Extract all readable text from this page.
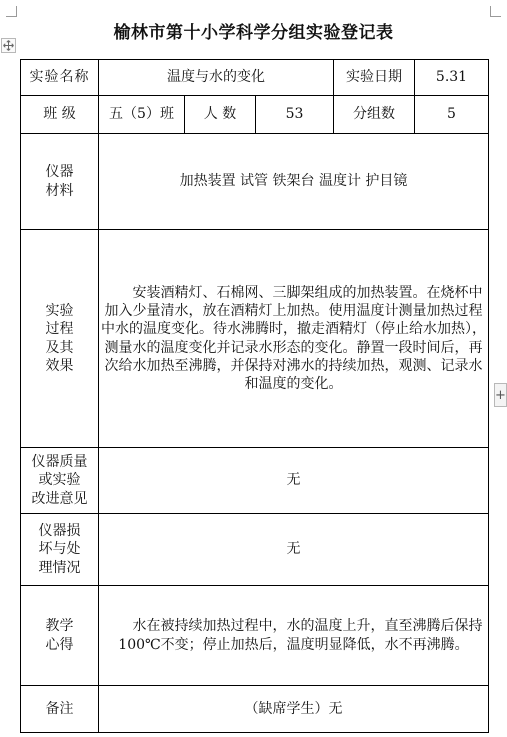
+
榆林市第十小学科学分组实验登记表
实验名称	温度与水的变化			实验日期	5.31
班 级	五（5）班	人 数	53	分组数	5

仪器
材料	加热装置 试管 铁架台 温度计 护目镜				

实验
过程
及其
效果	安装酒精灯、石棉网、三脚架组成的加热装置。在烧杯中加入少量清水，放在酒精灯上加热。使用温度计测量加热过程中水的温度变化。待水沸腾时，撤走酒精灯（停止给水加热），测量水的温度变化并记录水形态的变化。静置一段时间后，再次给水加热至沸腾，并保持对沸水的持续加热，观测、记录水和温度的变化。				

仪器质量
或实验
改进意见	无				

仪器损
坏与处
理情况	无				

教学
心得	水在被持续加热过程中，水的温度上升，直至沸腾后保持100℃不变；停止加热后，温度明显降低，水不再沸腾。				

备注	（缺席学生）无				
